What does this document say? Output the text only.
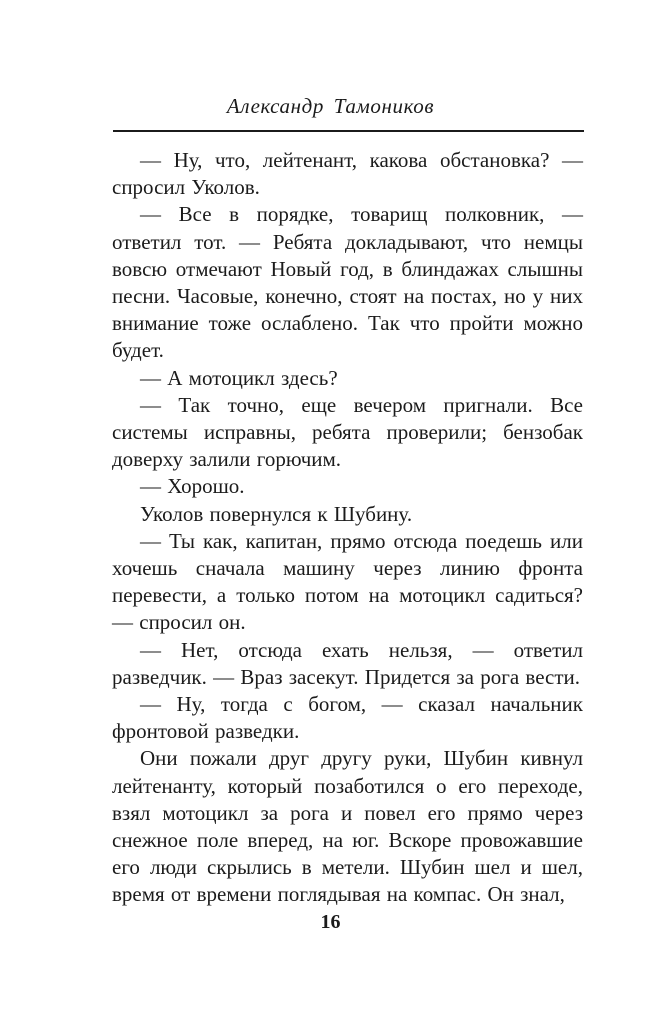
Александр Тамоников

— Ну, что, лейтенант, какова обстановка? — спросил Уколов.

— Все в порядке, товарищ полковник, — ответил тот. — Ребята докладывают, что немцы вовсю отмечают Новый год, в блиндажах слышны песни. Часовые, конечно, стоят на постах, но у них внимание тоже ослаблено. Так что пройти можно будет.

— А мотоцикл здесь?

— Так точно, еще вечером пригнали. Все системы исправны, ребята проверили; бензобак доверху залили горючим.

— Хорошо.

Уколов повернулся к Шубину.

— Ты как, капитан, прямо отсюда поедешь или хочешь сначала машину через линию фронта перевести, а только потом на мотоцикл садиться? — спросил он.

— Нет, отсюда ехать нельзя, — ответил разведчик. — Враз засекут. Придется за рога вести.

— Ну, тогда с богом, — сказал начальник фронтовой разведки.

Они пожали друг другу руки, Шубин кивнул лейтенанту, который позаботился о его переходе, взял мотоцикл за рога и повел его прямо через снежное поле вперед, на юг. Вскоре провожавшие его люди скрылись в метели. Шубин шел и шел, время от времени поглядывая на компас. Он знал,

16
